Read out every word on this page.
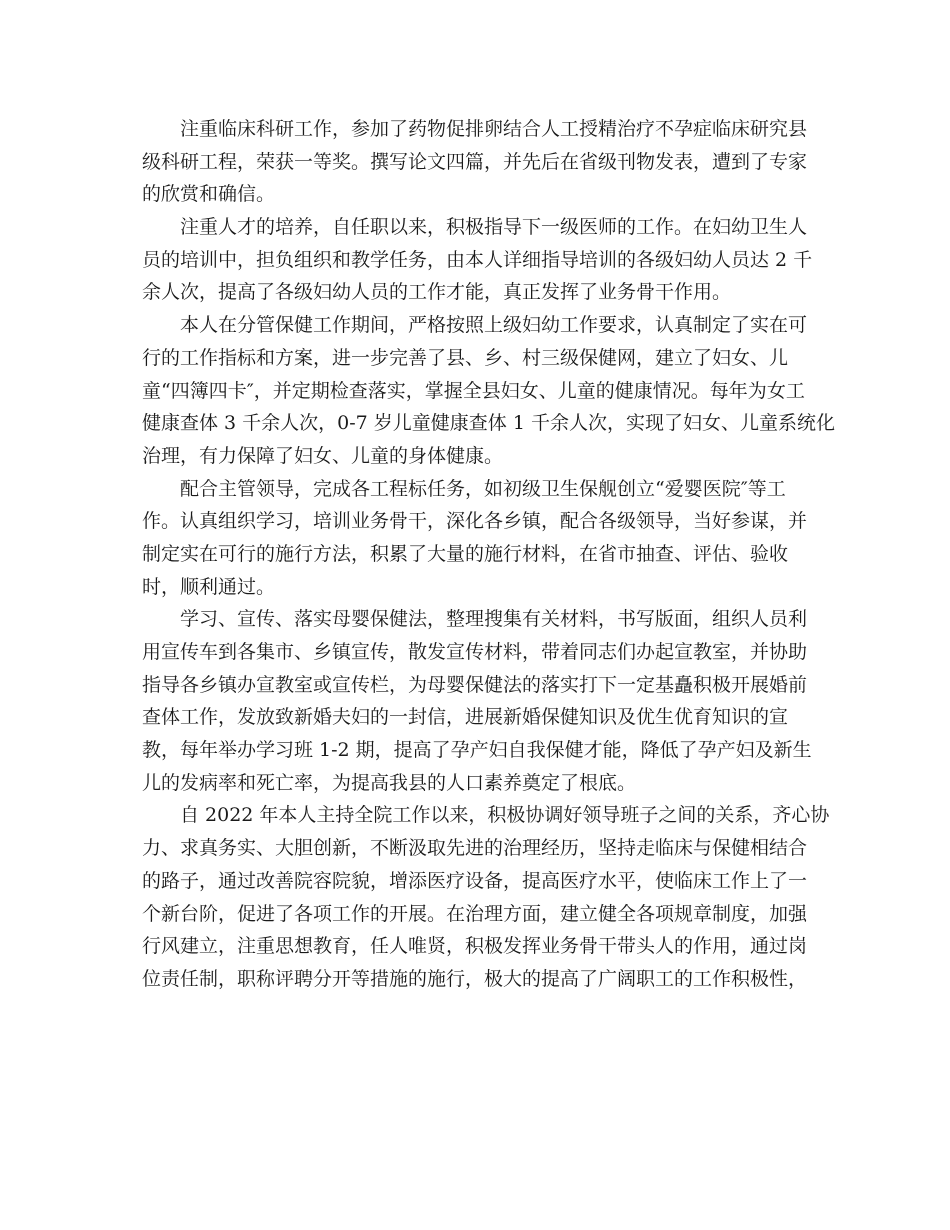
注重临床科研工作，参加了药物促排卵结合人工授精治疗不孕症临床研究县
级科研工程，荣获一等奖。撰写论文四篇，并先后在省级刊物发表，遭到了专家
的欣赏和确信。
注重人才的培养，自任职以来，积极指导下一级医师的工作。在妇幼卫生人
员的培训中，担负组织和教学任务，由本人详细指导培训的各级妇幼人员达 2 千
余人次，提高了各级妇幼人员的工作才能，真正发挥了业务骨干作用。
本人在分管保健工作期间，严格按照上级妇幼工作要求，认真制定了实在可
行的工作指标和方案，进一步完善了县、乡、村三级保健网，建立了妇女、儿
童“四簿四卡″，并定期检查落实，掌握全县妇女、儿童的健康情况。每年为女工
健康查体 3 千余人次，0-7 岁儿童健康查体 1 千余人次，实现了妇女、儿童系统化
治理，有力保障了妇女、儿童的身体健康。
配合主管领导，完成各工程标任务，如初级卫生保舰创立“爱婴医院″等工
作。认真组织学习，培训业务骨干，深化各乡镇，配合各级领导，当好参谋，并
制定实在可行的施行方法，积累了大量的施行材料，在省市抽查、评估、验收
时，顺利通过。
学习、宣传、落实母婴保健法，整理搜集有关材料，书写版面，组织人员利
用宣传车到各集市、乡镇宣传，散发宣传材料，带着同志们办起宣教室，并协助
指导各乡镇办宣教室或宣传栏，为母婴保健法的落实打下一定基矗积极开展婚前
查体工作，发放致新婚夫妇的一封信，进展新婚保健知识及优生优育知识的宣
教，每年举办学习班 1-2 期，提高了孕产妇自我保健才能，降低了孕产妇及新生
儿的发病率和死亡率，为提高我县的人口素养奠定了根底。
自 2022 年本人主持全院工作以来，积极协调好领导班子之间的关系，齐心协
力、求真务实、大胆创新，不断汲取先进的治理经历，坚持走临床与保健相结合
的路子，通过改善院容院貌，增添医疗设备，提高医疗水平，使临床工作上了一
个新台阶，促进了各项工作的开展。在治理方面，建立健全各项规章制度，加强
行风建立，注重思想教育，任人唯贤，积极发挥业务骨干带头人的作用，通过岗
位责任制，职称评聘分开等措施的施行，极大的提高了广阔职工的工作积极性，
